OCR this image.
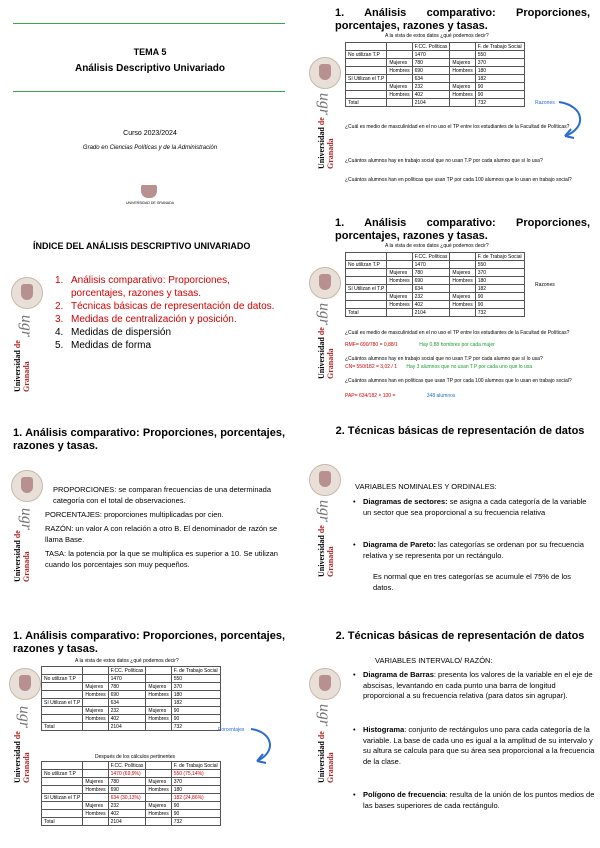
TEMA 5
Análisis Descriptivo Univariado
Curso 2023/2024
Grado en Ciencias Políticas y de la Administración
UNIVERSIDAD DE GRANADA
ÍNDICE DEL ANÁLISIS DESCRIPTIVO UNIVARIADO
ugr
Universidad de Granada
1. Análisis comparativo: Proporciones, porcentajes, razones y tasas.
2. Técnicas básicas de representación de datos.
3. Medidas de centralización y posición.
4. Medidas de dispersión
5. Medidas de forma
1. Análisis comparativo: Proporciones, porcentajes, razones y tasas.
ugr
Universidad de Granada
PROPORCIONES: se comparan frecuencias de una determinada categoría con el total de observaciones.
PORCENTAJES: proporciones multiplicadas por cien.
RAZÓN: un valor A con relación a otro B. El denominador de razón se llama Base.
TASA: la potencia por la que se multiplica es superior a 10. Se utilizan cuando los porcentajes son muy pequeños.
1. Análisis comparativo: Proporciones, porcentajes, razones y tasas.
A la vista de estos datos ¿qué podemos decir?
ugr
Universidad de Granada
		F.CC. Políticas		F. de Trabajo Social
No utilizan T.P		1470		550
	Mujeres	780	Mujeres	370
	Hombres	690	Hombres	180
Sí Utilizan el T.P		634		182
	Mujeres	232	Mujeres	90
	Hombres	402	Hombres	90
Total		2104		732
Porcentajes
Después de los cálculos pertinentes
		F.CC. Políticas		F. de Trabajo Social
No utilizan T.P		1470 (69,9%)		550 (75,14%)
	Mujeres	780	Mujeres	370
	Hombres	690	Hombres	180
Sí Utilizan el T.P		634 (30,13%)		182 (24,86%)
	Mujeres	232	Mujeres	90
	Hombres	402	Hombres	90
Total		2104		732
1. Análisis comparativo: Proporciones, porcentajes, razones y tasas.
A la vista de estos datos ¿qué podemos decir?
ugr
Universidad de Granada
		F.CC. Políticas		F. de Trabajo Social
No utilizan T.P		1470		550
	Mujeres	780	Mujeres	370
	Hombres	690	Hombres	180
Sí Utilizan el T.P		634		182
	Mujeres	232	Mujeres	90
	Hombres	402	Hombres	90
Total		2104		732	Razones
¿Cuál es medio de masculinidad en el no uso el TP entre los estudiantes de la Facultad de Políticas?
¿Cuántos alumnos hay en trabajo social que no usan T.P por cada alumno que sí lo usa?
¿Cuántos alumnos han en políticas que usan TP por cada 100 alumnos que lo usan en trabajo social?
1. Análisis comparativo: Proporciones, porcentajes, razones y tasas.
A la vista de estos datos ¿qué podemos decir?
ugr
Universidad de Granada
		F.CC. Políticas		F. de Trabajo Social
No utilizan T.P		1470		550
	Mujeres	780	Mujeres	370
	Hombres	690	Hombres	180
Sí Utilizan el T.P		634		182
	Mujeres	232	Mujeres	90
	Hombres	402	Hombres	90
Total		2104		732
Razones
¿Cuál es medio de masculinidad en el no uso el TP entre los estudiantes de la Facultad de Políticas?
RMF= 690/780 = 0,88/1	Hay 0,88 hombres por cada mujer
¿Cuántos alumnos hay en trabajo social que no usan T.P por cada alumno que sí lo usa?
CN= 550/182 = 3,02 / 1 Hay 3 alumnos que no usan T.P por cada uno que lo usa
¿Cuántos alumnos han en políticas que usan TP por cada 100 alumnos que lo usan en trabajo social?
PAP= 634/182 × 100 =	348 alumnos
2. Técnicas básicas de representación de datos
ugr
Universidad de Granada
VARIABLES NOMINALES Y ORDINALES:
• Diagramas de sectores: se asigna a cada categoría de la variable un sector que sea proporcional a su frecuencia relativa
• Diagrama de Pareto: las categorías se ordenan por su frecuencia relativa y se representa por un rectángulo.
Es normal que en tres categorías se acumule el 75% de los datos.
2. Técnicas básicas de representación de datos
ugr
Universidad de Granada
VARIABLES INTERVALO/ RAZÓN:
• Diagrama de Barras: presenta los valores de la variable en el eje de abscisas, levantando en cada punto una barra de longitud proporcional a su frecuencia relativa (para datos sin agrupar).
• Histograma: conjunto de rectángulos uno para cada categoría de la variable. La base de cada uno es igual a la amplitud de su intervalo y su altura se calcula para que su área sea proporcional a la frecuencia de la clase.
• Polígono de frecuencia: resulta de la unión de los puntos medios de las bases superiores de cada rectángulo.
